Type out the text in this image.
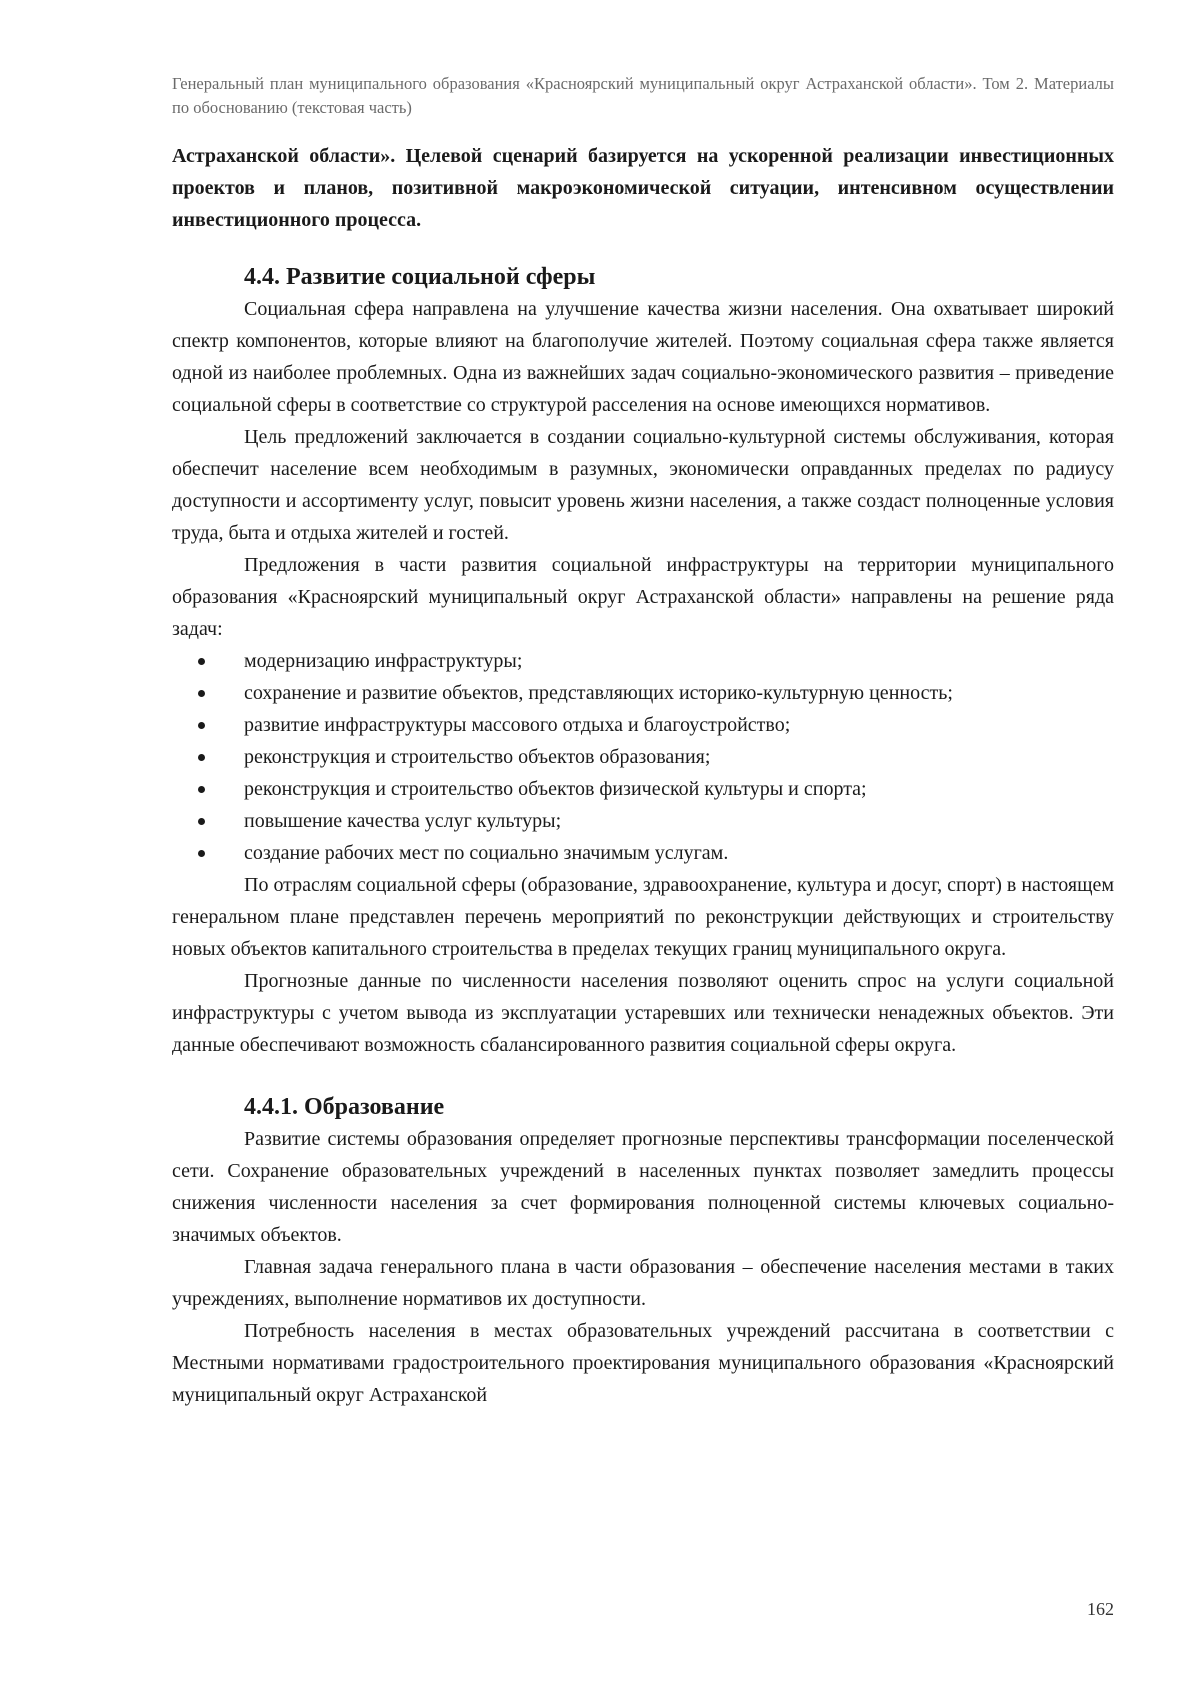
Генеральный план муниципального образования «Красноярский муниципальный округ Астраханской области». Том 2. Материалы по обоснованию (текстовая часть)

Астраханской области». Целевой сценарий базируется на ускоренной реализации инвестиционных проектов и планов, позитивной макроэкономической ситуации, интенсивном осуществлении инвестиционного процесса.

4.4. Развитие социальной сферы

Социальная сфера направлена на улучшение качества жизни населения. Она охватывает широкий спектр компонентов, которые влияют на благополучие жителей. Поэтому социальная сфера также является одной из наиболее проблемных. Одна из важнейших задач социально-экономического развития – приведение социальной сферы в соответствие со структурой расселения на основе имеющихся нормативов.

Цель предложений заключается в создании социально-культурной системы обслуживания, которая обеспечит население всем необходимым в разумных, экономически оправданных пределах по радиусу доступности и ассортименту услуг, повысит уровень жизни населения, а также создаст полноценные условия труда, быта и отдыха жителей и гостей.

Предложения в части развития социальной инфраструктуры на территории муниципального образования «Красноярский муниципальный округ Астраханской области» направлены на решение ряда задач:

модернизацию инфраструктуры;
сохранение и развитие объектов, представляющих историко-культурную ценность;
развитие инфраструктуры массового отдыха и благоустройство;
реконструкция и строительство объектов образования;
реконструкция и строительство объектов физической культуры и спорта;
повышение качества услуг культуры;
создание рабочих мест по социально значимым услугам.

По отраслям социальной сферы (образование, здравоохранение, культура и досуг, спорт) в настоящем генеральном плане представлен перечень мероприятий по реконструкции действующих и строительству новых объектов капитального строительства в пределах текущих границ муниципального округа.

Прогнозные данные по численности населения позволяют оценить спрос на услуги социальной инфраструктуры с учетом вывода из эксплуатации устаревших или технически ненадежных объектов. Эти данные обеспечивают возможность сбалансированного развития социальной сферы округа.

4.4.1. Образование

Развитие системы образования определяет прогнозные перспективы трансформации поселенческой сети. Сохранение образовательных учреждений в населенных пунктах позволяет замедлить процессы снижения численности населения за счет формирования полноценной системы ключевых социально-значимых объектов.

Главная задача генерального плана в части образования – обеспечение населения местами в таких учреждениях, выполнение нормативов их доступности.

Потребность населения в местах образовательных учреждений рассчитана в соответствии с Местными нормативами градостроительного проектирования муниципального образования «Красноярский муниципальный округ Астраханской

162
